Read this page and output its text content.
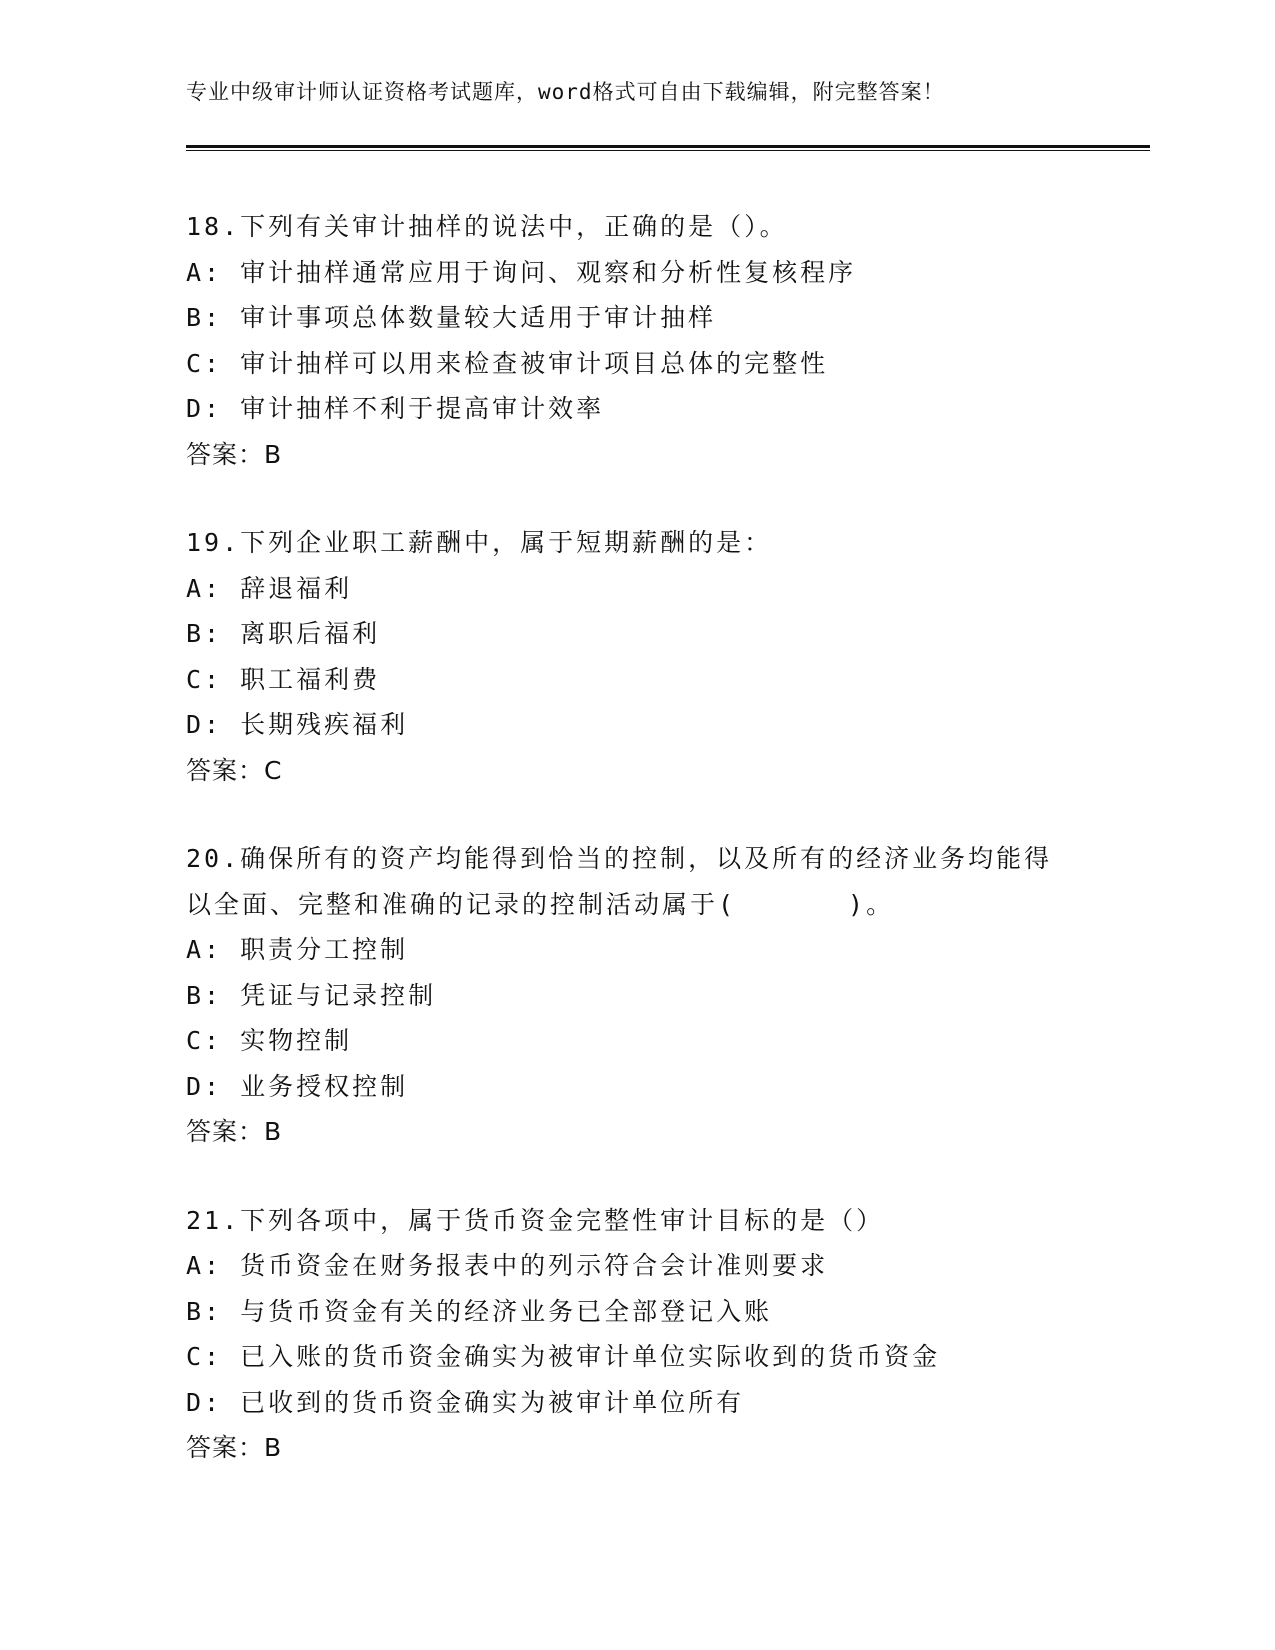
专业中级审计师认证资格考试题库，word格式可自由下载编辑，附完整答案！
18.下列有关审计抽样的说法中，正确的是（）。
A: 审计抽样通常应用于询问、观察和分析性复核程序
B: 审计事项总体数量较大适用于审计抽样
C: 审计抽样可以用来检查被审计项目总体的完整性
D: 审计抽样不利于提高审计效率
答案：B
19.下列企业职工薪酬中，属于短期薪酬的是：
A: 辞退福利
B: 离职后福利
C: 职工福利费
D: 长期残疾福利
答案：C
20.确保所有的资产均能得到恰当的控制，以及所有的经济业务均能得
以全面、完整和准确的记录的控制活动属于(　　　　)。
A: 职责分工控制
B: 凭证与记录控制
C: 实物控制
D: 业务授权控制
答案：B
21.下列各项中，属于货币资金完整性审计目标的是（）
A: 货币资金在财务报表中的列示符合会计准则要求
B: 与货币资金有关的经济业务已全部登记入账
C: 已入账的货币资金确实为被审计单位实际收到的货币资金
D: 已收到的货币资金确实为被审计单位所有
答案：B
